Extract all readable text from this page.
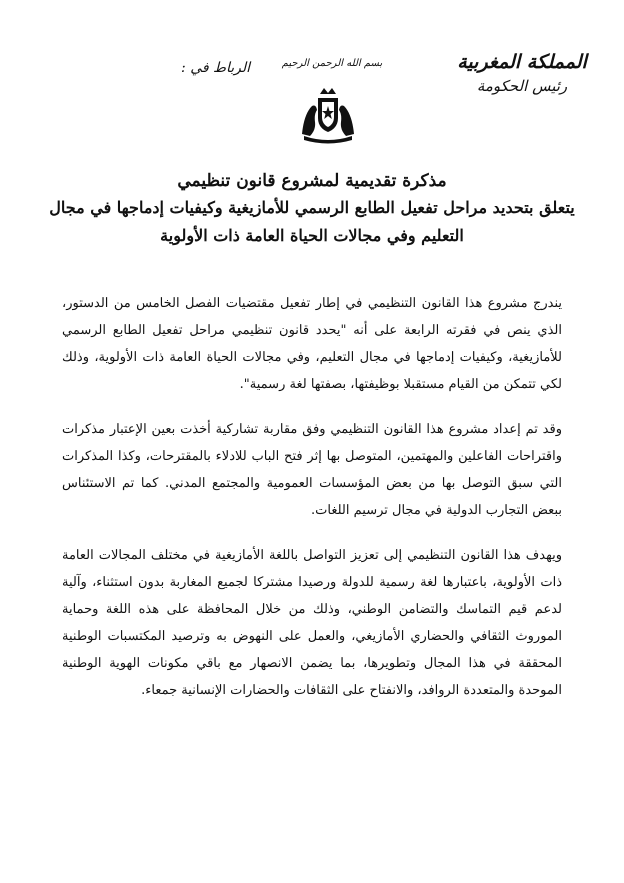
المملكة المغربية
رئيس الحكومة
بسم الله الرحمن الرحيم
الرباط في :
مذكرة تقديمية لمشروع قانون تنظيمي
يتعلق بتحديد مراحل تفعيل الطابع الرسمي للأمازيغية وكيفيات إدماجها في مجال
التعليم وفي مجالات الحياة العامة ذات الأولوية

يندرج مشروع هذا القانون التنظيمي في إطار تفعيل مقتضيات الفصل الخامس من الدستور، الذي ينص في فقرته الرابعة على أنه "يحدد قانون تنظيمي مراحل تفعيل الطابع الرسمي للأمازيغية، وكيفيات إدماجها في مجال التعليم، وفي مجالات الحياة العامة ذات الأولوية، وذلك لكي تتمكن من القيام مستقبلا بوظيفتها، بصفتها لغة رسمية".

وقد تم إعداد مشروع هذا القانون التنظيمي وفق مقاربة تشاركية أخذت بعين الإعتبار مذكرات واقتراحات الفاعلين والمهتمين، المتوصل بها إثر فتح الباب للادلاء بالمقترحات، وكذا المذكرات التي سبق التوصل بها من بعض المؤسسات العمومية والمجتمع المدني. كما تم الاستئناس ببعض التجارب الدولية في مجال ترسيم اللغات.

ويهدف هذا القانون التنظيمي إلى تعزيز التواصل باللغة الأمازيغية في مختلف المجالات العامة ذات الأولوية، باعتبارها لغة رسمية للدولة ورصيدا مشتركا لجميع المغاربة بدون استثناء، وآلية لدعم قيم التماسك والتضامن الوطني، وذلك من خلال المحافظة على هذه اللغة وحماية الموروث الثقافي والحضاري الأمازيغي، والعمل على النهوض به وترصيد المكتسبات الوطنية المحققة في هذا المجال وتطويرها، بما يضمن الانصهار مع باقي مكونات الهوية الوطنية الموحدة والمتعددة الروافد، والانفتاح على الثقافات والحضارات الإنسانية جمعاء.
